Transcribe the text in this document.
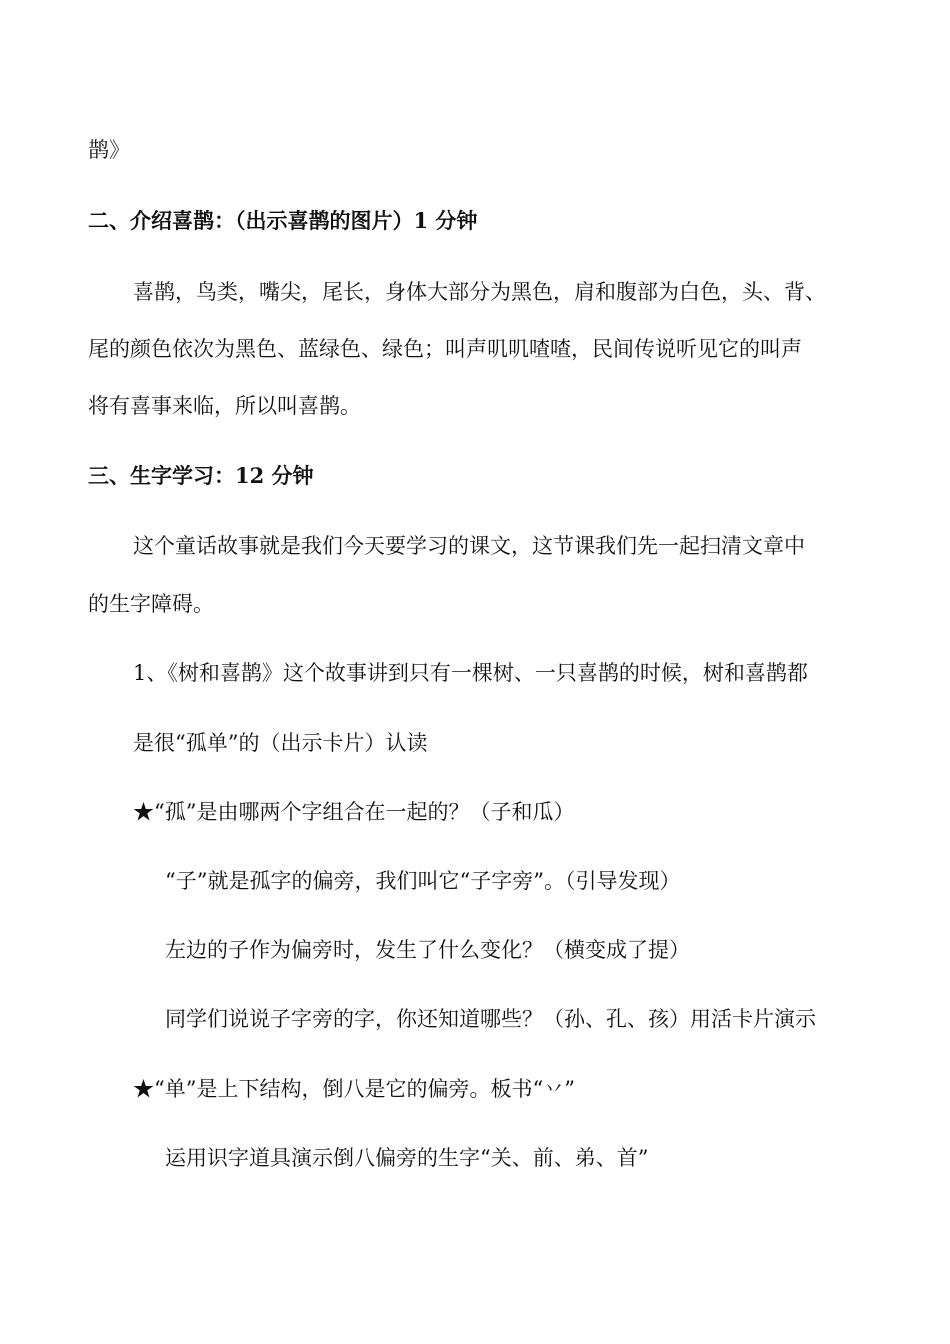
鹊》
二、介绍喜鹊：（出示喜鹊的图片）1 分钟
喜鹊，鸟类，嘴尖，尾长，身体大部分为黑色，肩和腹部为白色，头、背、
尾的颜色依次为黑色、蓝绿色、绿色；叫声叽叽喳喳，民间传说听见它的叫声
将有喜事来临，所以叫喜鹊。
三、生字学习：12 分钟
这个童话故事就是我们今天要学习的课文，这节课我们先一起扫清文章中
的生字障碍。
1、《树和喜鹊》这个故事讲到只有一棵树、一只喜鹊的时候，树和喜鹊都
是很“孤单”的（出示卡片）认读
★“孤”是由哪两个字组合在一起的？（子和瓜）
“子”就是孤字的偏旁，我们叫它“子字旁”。（引导发现）
左边的子作为偏旁时，发生了什么变化？（横变成了提）
同学们说说子字旁的字，你还知道哪些？（孙、孔、孩）用活卡片演示
★“单”是上下结构，倒八是它的偏旁。板书“丷”
运用识字道具演示倒八偏旁的生字“关、前、弟、首”
